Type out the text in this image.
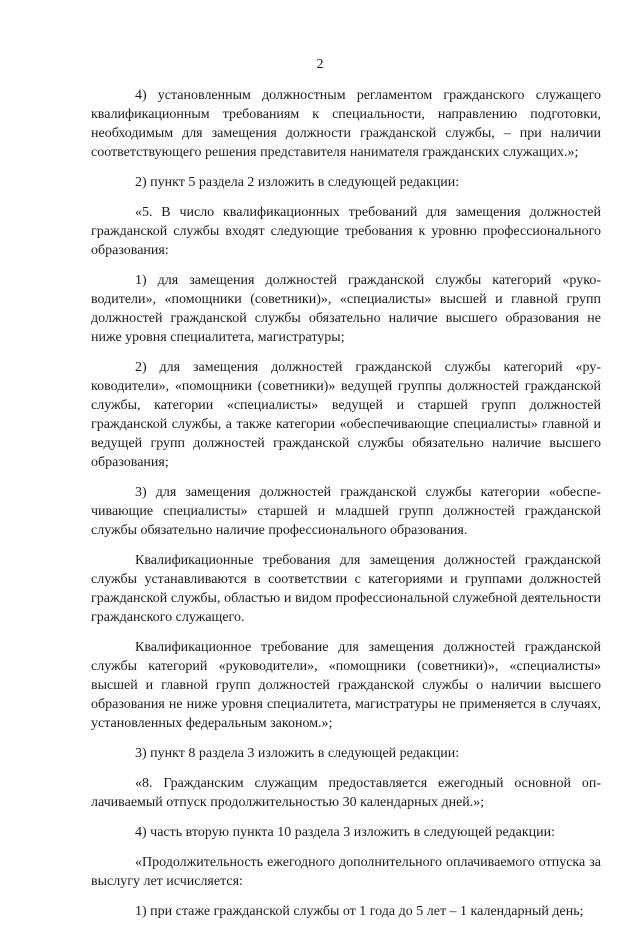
2

4) установленным должностным регламентом гражданского служащего квалификационным требованиям к специальности, направлению подготовки, необходимым для замещения должности гражданской службы, – при наличии соответствующего решения представителя нанимателя гражданских служащих.»;

2) пункт 5 раздела 2 изложить в следующей редакции:

«5. В число квалификационных требований для замещения должностей гражданской службы входят следующие требования к уровню профессионального образования:

1) для замещения должностей гражданской службы категорий «руководители», «помощники (советники)», «специалисты» высшей и главной групп должностей гражданской службы обязательно наличие высшего образования не ниже уровня специалитета, магистратуры;

2) для замещения должностей гражданской службы категорий «руководители», «помощники (советники)» ведущей группы должностей гражданской службы, категории «специалисты» ведущей и старшей групп должностей гражданской службы, а также категории «обеспечивающие специалисты» главной и ведущей групп должностей гражданской службы обязательно наличие высшего образования;

3) для замещения должностей гражданской службы категории «обеспечивающие специалисты» старшей и младшей групп должностей гражданской службы обязательно наличие профессионального образования.

Квалификационные требования для замещения должностей гражданской службы устанавливаются в соответствии с категориями и группами должностей гражданской службы, областью и видом профессиональной служебной деятельности гражданского служащего.

Квалификационное требование для замещения должностей гражданской службы категорий «руководители», «помощники (советники)», «специалисты» высшей и главной групп должностей гражданской службы о наличии высшего образования не ниже уровня специалитета, магистратуры не применяется в случаях, установленных федеральным законом.»;

3) пункт 8 раздела 3 изложить в следующей редакции:

«8. Гражданским служащим предоставляется ежегодный основной оплачиваемый отпуск продолжительностью 30 календарных дней.»;

4) часть вторую пункта 10 раздела 3 изложить в следующей редакции:

«Продолжительность ежегодного дополнительного оплачиваемого отпуска за выслугу лет исчисляется:

1) при стаже гражданской службы от 1 года до 5 лет – 1 календарный день;
